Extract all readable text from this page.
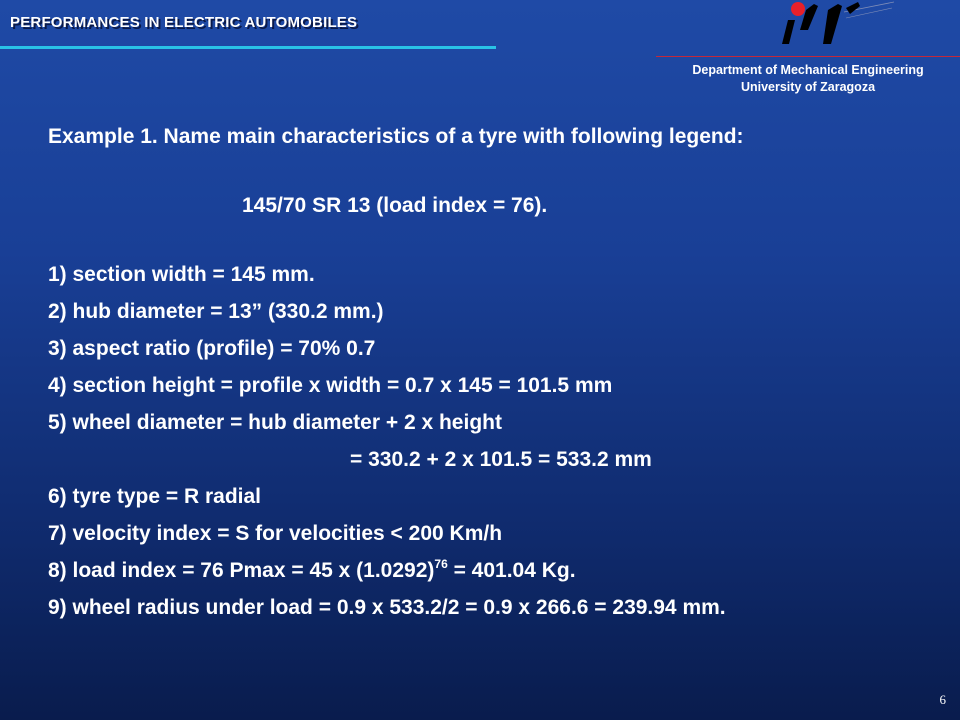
PERFORMANCES IN ELECTRIC AUTOMOBILES
Department of Mechanical Engineering
University of Zaragoza
Example 1. Name main characteristics of a tyre with following legend:
145/70 SR 13 (load index = 76).
1) section width = 145 mm.
2) hub diameter = 13” (330.2 mm.)
3) aspect ratio (profile) = 70% 0.7
4) section height = profile x width = 0.7 x 145 = 101.5 mm
5) wheel diameter = hub diameter + 2 x height
= 330.2 + 2 x 101.5 = 533.2 mm
6) tyre type = R radial
7) velocity index = S for velocities < 200 Km/h
8) load index = 76 Pmax = 45 x $(1.0292)^{76} = 401.04$ Kg.
9) wheel radius under load = 0.9 x 533.2/2 = 0.9 x 266.6 = 239.94 mm.
6
